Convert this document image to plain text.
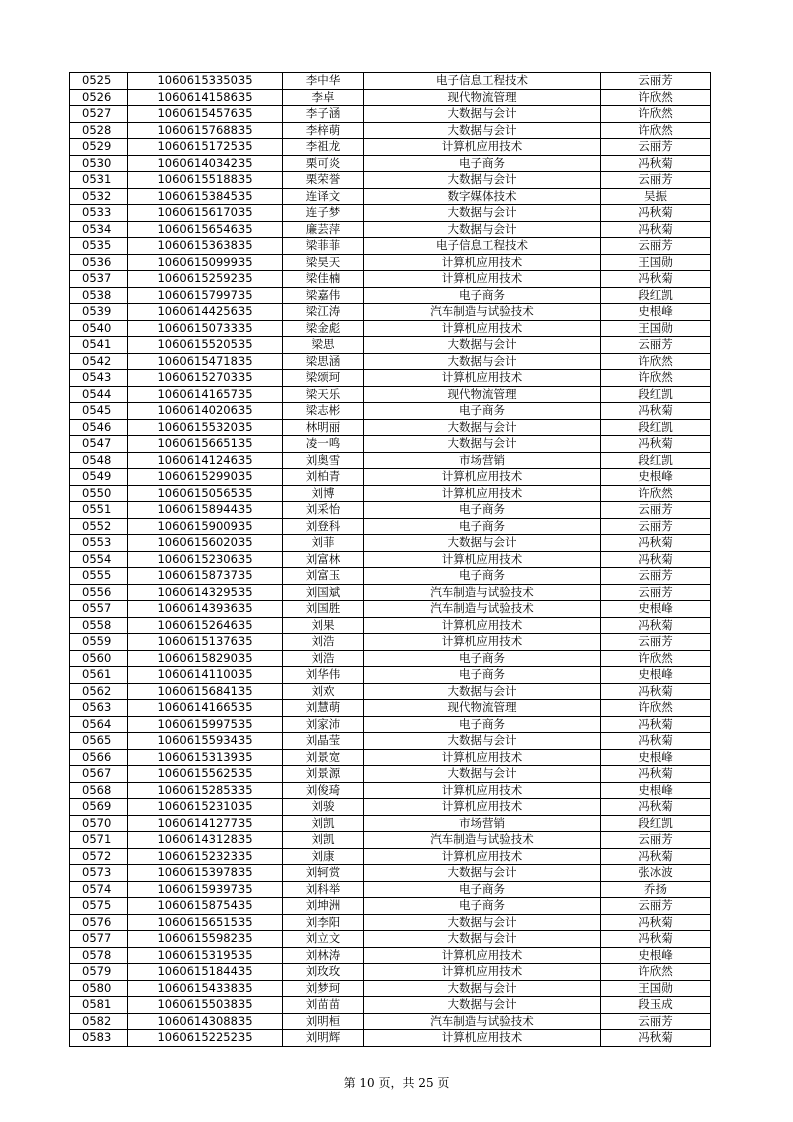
0525	1060615335035	李中华	电子信息工程技术	云丽芳
0526	1060614158635	李卓	现代物流管理	许欣然
0527	1060615457635	李子涵	大数据与会计	许欣然
0528	1060615768835	李梓萌	大数据与会计	许欣然
0529	1060615172535	李祖龙	计算机应用技术	云丽芳
0530	1060614034235	栗可炎	电子商务	冯秋菊
0531	1060615518835	栗荣誉	大数据与会计	云丽芳
0532	1060615384535	连译文	数字媒体技术	吴振
0533	1060615617035	连子梦	大数据与会计	冯秋菊
0534	1060615654635	廉芸萍	大数据与会计	冯秋菊
0535	1060615363835	梁菲菲	电子信息工程技术	云丽芳
0536	1060615099935	梁昊天	计算机应用技术	王国勋
0537	1060615259235	梁佳楠	计算机应用技术	冯秋菊
0538	1060615799735	梁嘉伟	电子商务	段红凯
0539	1060614425635	梁江涛	汽车制造与试验技术	史根峰
0540	1060615073335	梁金彪	计算机应用技术	王国勋
0541	1060615520535	梁思	大数据与会计	云丽芳
0542	1060615471835	梁思涵	大数据与会计	许欣然
0543	1060615270335	梁颂珂	计算机应用技术	许欣然
0544	1060614165735	梁天乐	现代物流管理	段红凯
0545	1060614020635	梁志彬	电子商务	冯秋菊
0546	1060615532035	林明丽	大数据与会计	段红凯
0547	1060615665135	凌一鸣	大数据与会计	冯秋菊
0548	1060614124635	刘奥雪	市场营销	段红凯
0549	1060615299035	刘柏青	计算机应用技术	史根峰
0550	1060615056535	刘博	计算机应用技术	许欣然
0551	1060615894435	刘采怡	电子商务	云丽芳
0552	1060615900935	刘登科	电子商务	云丽芳
0553	1060615602035	刘菲	大数据与会计	冯秋菊
0554	1060615230635	刘富林	计算机应用技术	冯秋菊
0555	1060615873735	刘富玉	电子商务	云丽芳
0556	1060614329535	刘国斌	汽车制造与试验技术	云丽芳
0557	1060614393635	刘国胜	汽车制造与试验技术	史根峰
0558	1060615264635	刘果	计算机应用技术	冯秋菊
0559	1060615137635	刘浩	计算机应用技术	云丽芳
0560	1060615829035	刘浩	电子商务	许欣然
0561	1060614110035	刘华伟	电子商务	史根峰
0562	1060615684135	刘欢	大数据与会计	冯秋菊
0563	1060614166535	刘慧萌	现代物流管理	许欣然
0564	1060615997535	刘家沛	电子商务	冯秋菊
0565	1060615593435	刘晶莹	大数据与会计	冯秋菊
0566	1060615313935	刘景宽	计算机应用技术	史根峰
0567	1060615562535	刘景源	大数据与会计	冯秋菊
0568	1060615285335	刘俊琦	计算机应用技术	史根峰
0569	1060615231035	刘骏	计算机应用技术	冯秋菊
0570	1060614127735	刘凯	市场营销	段红凯
0571	1060614312835	刘凯	汽车制造与试验技术	云丽芳
0572	1060615232335	刘康	计算机应用技术	冯秋菊
0573	1060615397835	刘轲赏	大数据与会计	张冰波
0574	1060615939735	刘科举	电子商务	乔扬
0575	1060615875435	刘坤洲	电子商务	云丽芳
0576	1060615651535	刘李阳	大数据与会计	冯秋菊
0577	1060615598235	刘立文	大数据与会计	冯秋菊
0578	1060615319535	刘林涛	计算机应用技术	史根峰
0579	1060615184435	刘玫玫	计算机应用技术	许欣然
0580	1060615433835	刘梦珂	大数据与会计	王国勋
0581	1060615503835	刘苗苗	大数据与会计	段玉成
0582	1060614308835	刘明桓	汽车制造与试验技术	云丽芳
0583	1060615225235	刘明辉	计算机应用技术	冯秋菊
第 10 页，共 25 页
